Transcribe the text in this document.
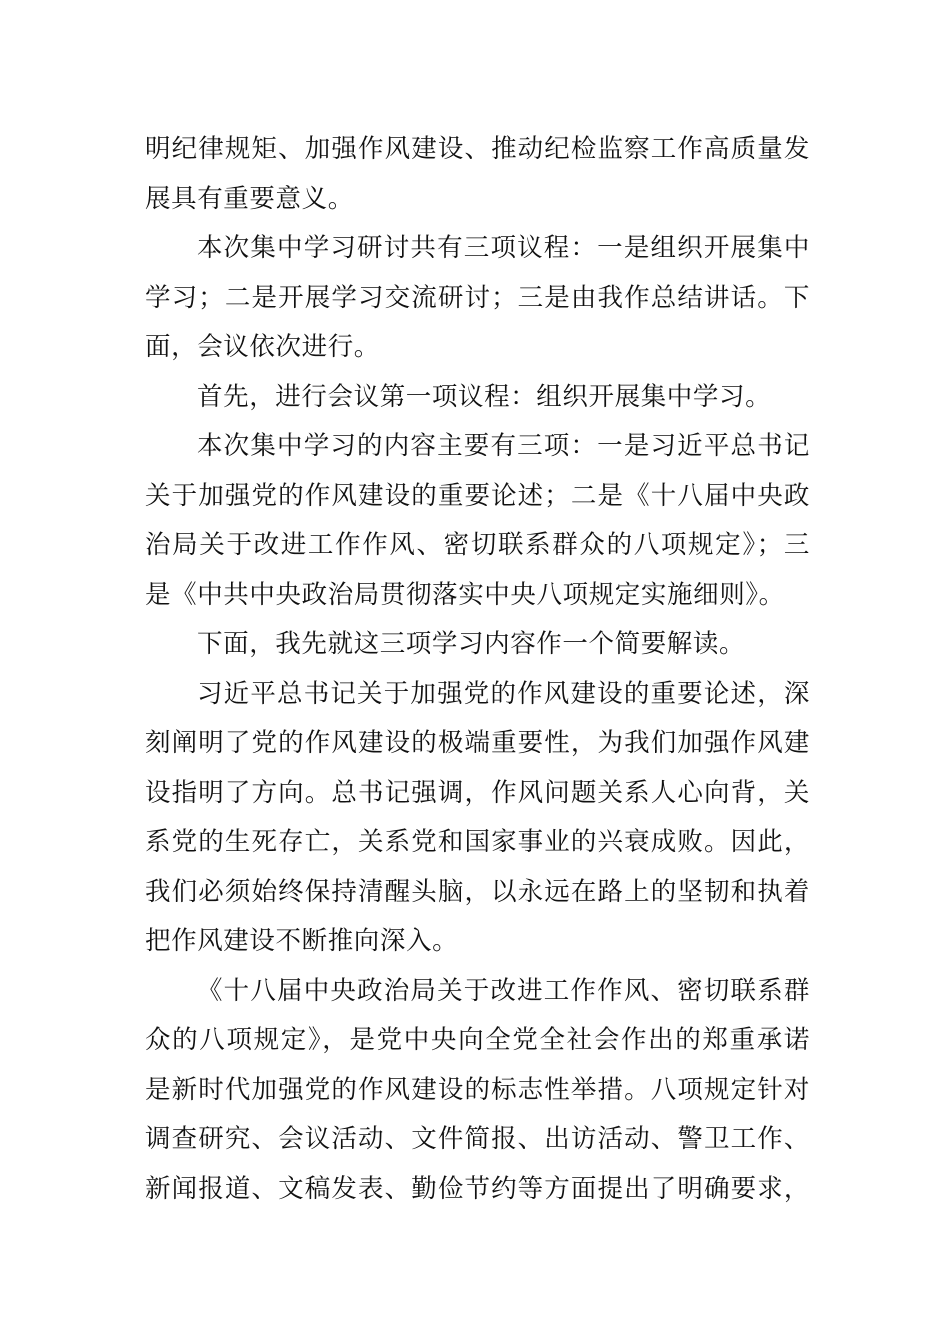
明纪律规矩、加强作风建设、推动纪检监察工作高质量发
展具有重要意义。
本次集中学习研讨共有三项议程：一是组织开展集中
学习；二是开展学习交流研讨；三是由我作总结讲话。下
面，会议依次进行。
首先，进行会议第一项议程：组织开展集中学习。
本次集中学习的内容主要有三项：一是习近平总书记
关于加强党的作风建设的重要论述；二是《十八届中央政
治局关于改进工作作风、密切联系群众的八项规定》；三
是《中共中央政治局贯彻落实中央八项规定实施细则》。
下面，我先就这三项学习内容作一个简要解读。
习近平总书记关于加强党的作风建设的重要论述，深
刻阐明了党的作风建设的极端重要性，为我们加强作风建
设指明了方向。总书记强调，作风问题关系人心向背，关
系党的生死存亡，关系党和国家事业的兴衰成败。因此，
我们必须始终保持清醒头脑，以永远在路上的坚韧和执着
把作风建设不断推向深入。
《十八届中央政治局关于改进工作作风、密切联系群
众的八项规定》，是党中央向全党全社会作出的郑重承诺
是新时代加强党的作风建设的标志性举措。八项规定针对
调查研究、会议活动、文件简报、出访活动、警卫工作、
新闻报道、文稿发表、勤俭节约等方面提出了明确要求，
